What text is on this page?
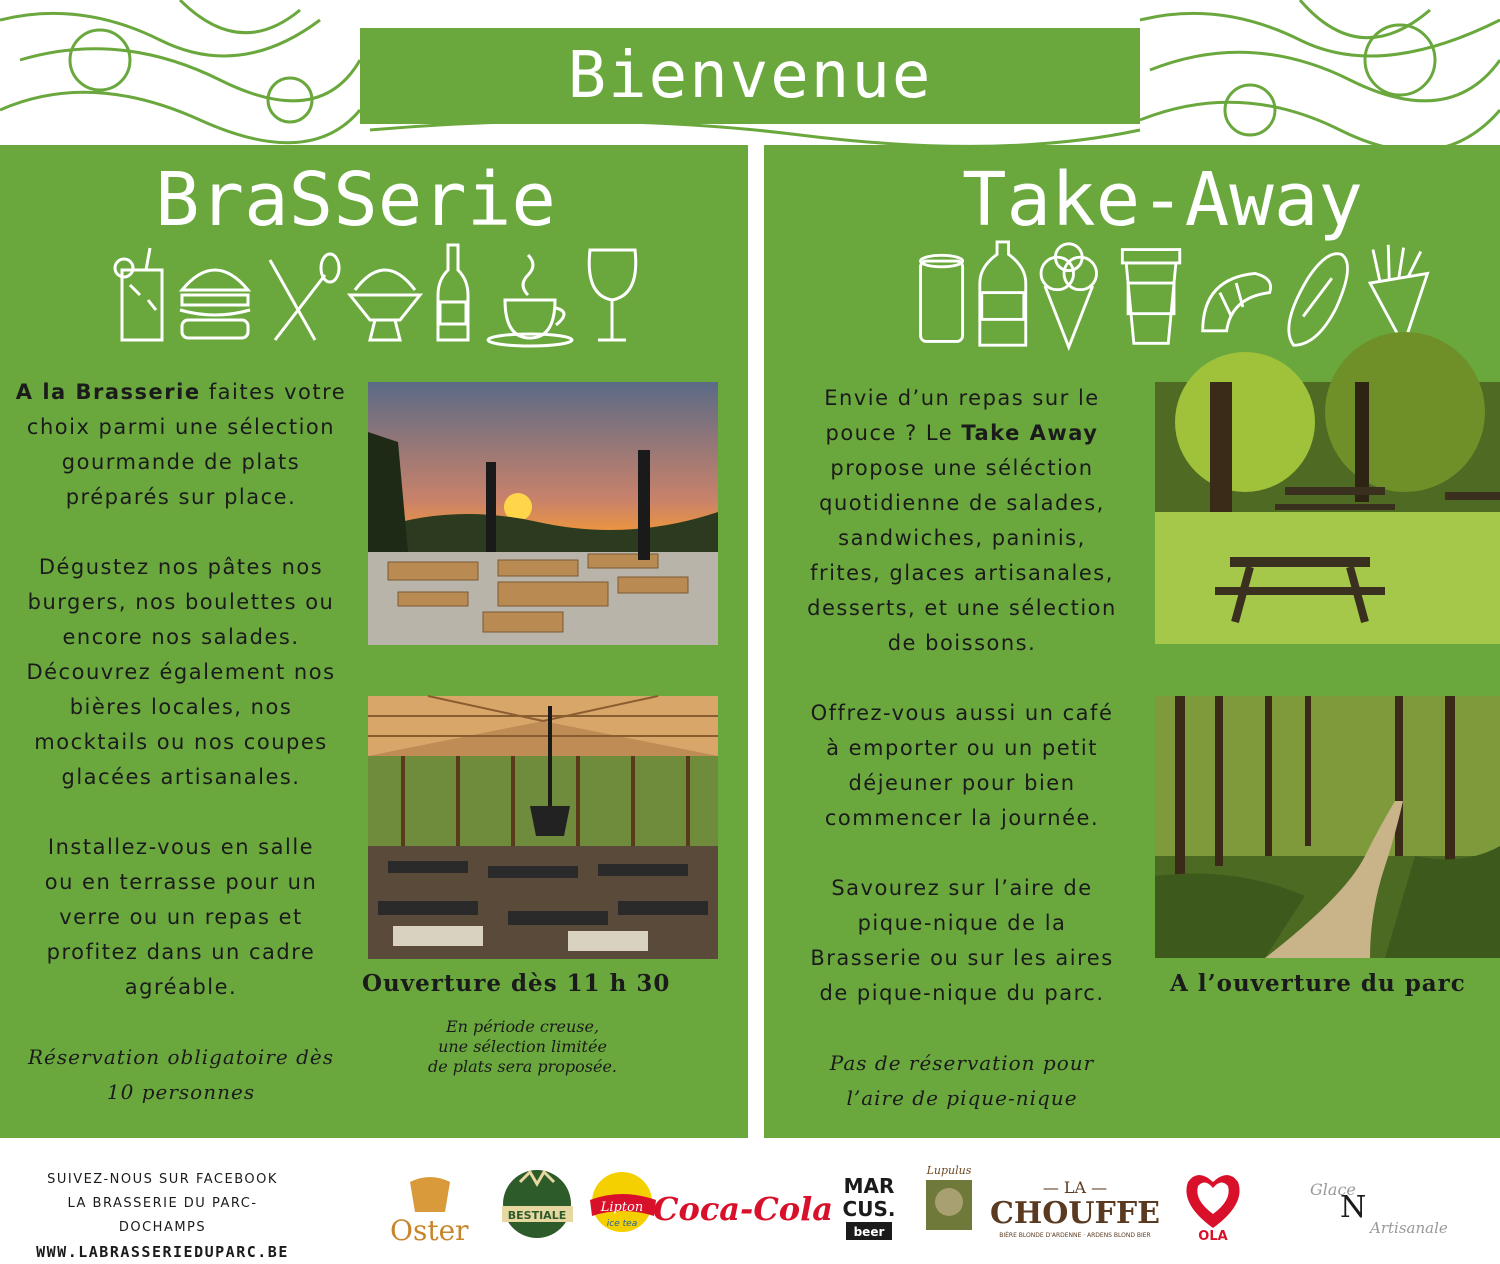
Bienvenue
BraSSerie

A la Brasserie faites votre

choix parmi une sélection

gourmande de plats

préparés sur place.

Dégustez nos pâtes nos

burgers, nos boulettes ou

encore nos salades.

Découvrez également nos

bières locales, nos

mocktails ou nos coupes

glacées artisanales.

Installez-vous en salle

ou en terrasse pour un

verre ou un repas et

profitez dans un cadre

agréable.

Réservation obligatoire dès

10 personnes

Ouverture dès 11 h 30

En période creuse,

une sélection limitée

de plats sera proposée.

Take-Away

Envie d’un repas sur le

pouce ? Le Take Away

propose une séléction

quotidienne de salades,

sandwiches, paninis,

frites, glaces artisanales,

desserts, et une sélection

de boissons.

Offrez-vous aussi un café

à emporter ou un petit

déjeuner pour bien

commencer la journée.

Savourez sur l’aire de

pique-nique de la

Brasserie ou sur les aires

de pique-nique du parc.

Pas de réservation pour

l’aire de pique-nique

A l’ouverture du parc

SUIVEZ-NOUS SUR FACEBOOK

LA BRASSERIE DU PARC-DOCHAMPS

WWW.LABRASSERIEDUPARC.BE

Oster	BESTIALE
Lipton
ice tea Coca-Cola
MAR
CUS.
beer
Lupulus
— LA —
CHOUFFE
BIÈRE BLONDE D'ARDENNE · ARDENS BLOND BIER	OLA
Glace
N
Artisanale
